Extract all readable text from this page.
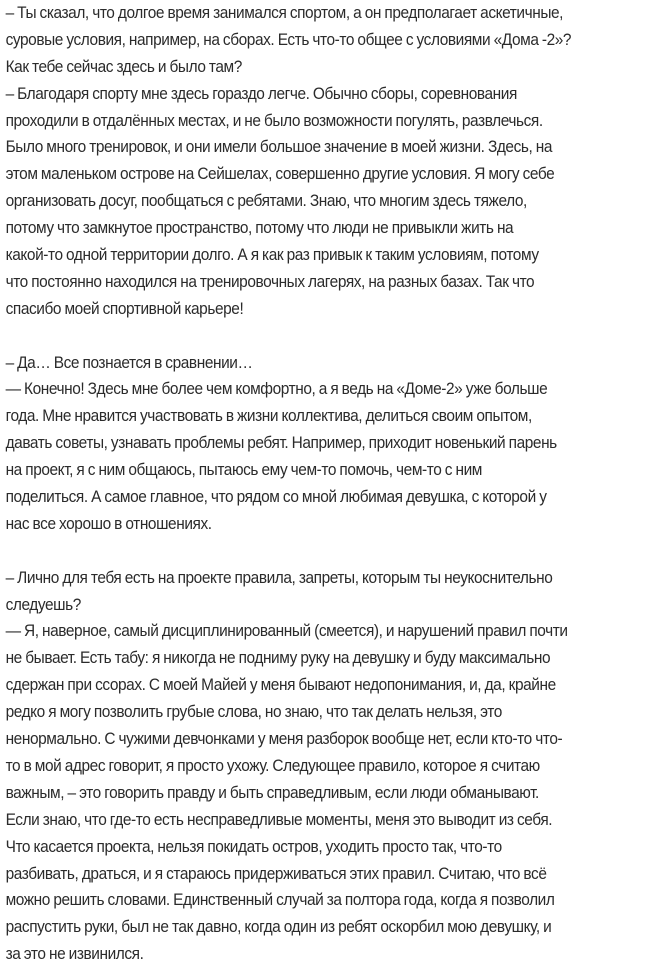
– Ты сказал, что долгое время занимался спортом, а он предполагает аскетичные,
суровые условия, например, на сборах. Есть что-то общее с условиями «Дома -2»?
Как тебе сейчас здесь и было там?
– Благодаря спорту мне здесь гораздо легче. Обычно сборы, соревнования
проходили в отдалённых местах, и не было возможности погулять, развлечься.
Было много тренировок, и они имели большое значение в моей жизни. Здесь, на
этом маленьком острове на Сейшелах, совершенно другие условия. Я могу себе
организовать досуг, пообщаться с ребятами. Знаю, что многим здесь тяжело,
потому что замкнутое пространство, потому что люди не привыкли жить на
какой-то одной территории долго. А я как раз привык к таким условиям, потому
что постоянно находился на тренировочных лагерях, на разных базах. Так что
спасибо моей спортивной карьере!
– Да… Все познается в сравнении…
— Конечно! Здесь мне более чем комфортно, а я ведь на «Доме-2» уже больше
года. Мне нравится участвовать в жизни коллектива, делиться своим опытом,
давать советы, узнавать проблемы ребят. Например, приходит новенький парень
на проект, я с ним общаюсь, пытаюсь ему чем-то помочь, чем-то с ним
поделиться. А самое главное, что рядом со мной любимая девушка, с которой у
нас все хорошо в отношениях.
– Лично для тебя есть на проекте правила, запреты, которым ты неукоснительно
следуешь?
— Я, наверное, самый дисциплинированный (смеется), и нарушений правил почти
не бывает. Есть табу: я никогда не подниму руку на девушку и буду максимально
сдержан при ссорах. С моей Майей у меня бывают недопонимания, и, да, крайне
редко я могу позволить грубые слова, но знаю, что так делать нельзя, это
ненормально. С чужими девчонками у меня разборок вообще нет, если кто-то что-
то в мой адрес говорит, я просто ухожу. Следующее правило, которое я считаю
важным, – это говорить правду и быть справедливым, если люди обманывают.
Если знаю, что где-то есть несправедливые моменты, меня это выводит из себя.
Что касается проекта, нельзя покидать остров, уходить просто так, что-то
разбивать, драться, и я стараюсь придерживаться этих правил. Считаю, что всё
можно решить словами. Единственный случай за полтора года, когда я позволил
распустить руки, был не так давно, когда один из ребят оскорбил мою девушку, и
за это не извинился.
